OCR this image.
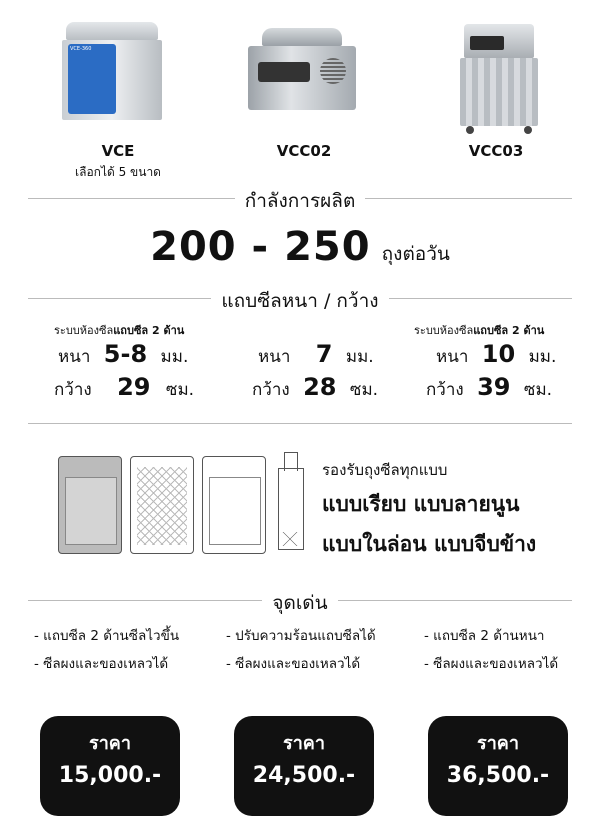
VCE-360
VCE
เลือกได้ 5 ขนาด
VCC02	VCC03
กำลังการผลิต
200 - 250 ถุงต่อวัน
แถบซีลหนา / กว้าง
ระบบห้องซีลแถบซีล 2 ด้าน
หนา 5-8 มม.
กว้าง 29 ซม.
หนา 7 มม.
กว้าง 28 ซม.
ระบบห้องซีลแถบซีล 2 ด้าน
หนา 10 มม.
กว้าง 39 ซม.
รองรับถุงซีลทุกแบบ
แบบเรียบ แบบลายนูน
แบบในล่อน แบบจีบข้าง
จุดเด่น
- แถบซีล 2 ด้านซีลไวขึ้น
- ซีลผงและของเหลวได้
- ปรับความร้อนแถบซีลได้
- ซีลผงและของเหลวได้
- แถบซีล 2 ด้านหนา
- ซีลผงและของเหลวได้
ราคา
15,000.-
ราคา
24,500.-
ราคา
36,500.-
